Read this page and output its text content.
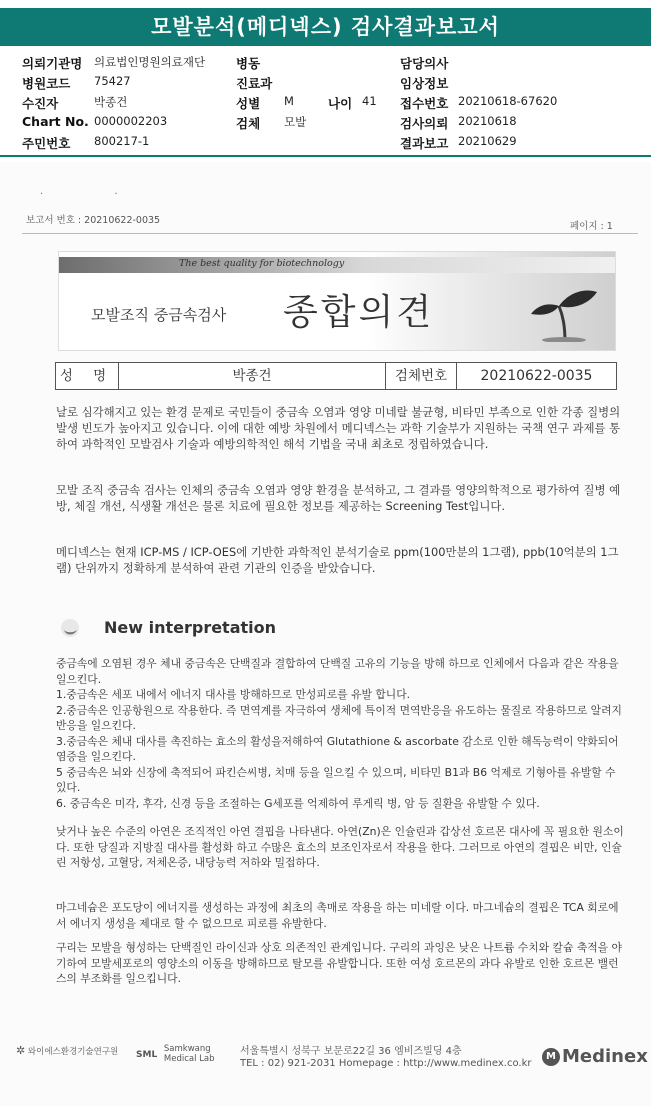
모발분석(메디넥스) 검사결과보고서
의뢰기관명 의료법인명원의료재단 병동	담당의사
병원코드 75427	진료과	임상정보
수진자	박종건	성별 M	나이 41 접수번호 20210618-67620
Chart No. 0000002203	검체 모발	검사의뢰 20210618
주민번호 800217-1	결과보고 20210629
. .
보고서 번호 : 20210622-0035
페이지 : 1
The best quality for biotechnology
모발조직 중금속검사 종합의견
성 명	박종건	검체번호	20210622-0035

날로 심각해지고 있는 환경 문제로 국민들이 중금속 오염과 영양 미네랄 불균형, 비타민 부족으로 인한 각종 질병의 발생 빈도가 높아지고 있습니다. 이에 대한 예방 차원에서 메디넥스는 과학 기술부가 지원하는 국책 연구 과제를 통하여 과학적인 모발검사 기술과 예방의학적인 해석 기법을 국내 최초로 정립하였습니다.

모발 조직 중금속 검사는 인체의 중금속 오염과 영양 환경을 분석하고, 그 결과를 영양의학적으로 평가하여 질병 예방, 체질 개선, 식생활 개선은 물론 치료에 필요한 정보를 제공하는 Screening Test입니다.

메디넥스는 현재 ICP-MS / ICP-OES에 기반한 과학적인 분석기술로 ppm(100만분의 1그램), ppb(10억분의 1그램) 단위까지 정확하게 분석하여 관련 기관의 인증을 받았습니다.

New interpretation

중금속에 오염된 경우 체내 중금속은 단백질과 결합하여 단백질 고유의 기능을 방해 하므로 인체에서 다음과 같은 작용을 일으킨다.

1.중금속은 세포 내에서 에너지 대사를 방해하므로 만성피로를 유발 합니다.

2.중금속은 인공항원으로 작용한다. 즉 면역계를 자극하여 생체에 특이적 면역반응을 유도하는 물질로 작용하므로 알려지 반응을 일으킨다.

3.중금속은 체내 대사를 촉진하는 효소의 활성을저해하여 Glutathione & ascorbate 감소로 인한 해독능력이 약화되어 염증을 일으킨다.

5 중금속은 뇌와 신장에 축적되어 파킨슨씨병, 치매 등을 일으킬 수 있으며, 비타민 B1과 B6 억제로 기형아를 유발할 수 있다.

6. 중금속은 미각, 후각, 신경 등을 조절하는 G세포를 억제하여 루게릭 병, 암 등 질환을 유발할 수 있다.

낮거나 높은 수준의 아연은 조직적인 아연 결핍을 나타낸다. 아연(Zn)은 인슐린과 갑상선 호르몬 대사에 꼭 필요한 원소이다. 또한 당질과 지방질 대사를 활성화 하고 수많은 효소의 보조인자로서 작용을 한다. 그러므로 아연의 결핍은 비만, 인슐린 저항성, 고혈당, 저체온증, 내당능력 저하와 밀접하다.

마그네슘은 포도당이 에너지를 생성하는 과정에 최초의 촉매로 작용을 하는 미네랄 이다. 마그네슘의 결핍은 TCA 회로에서 에너지 생성을 제대로 할 수 없으므로 피로를 유발한다.

구리는 모발을 형성하는 단백질인 라이신과 상호 의존적인 관계입니다. 구리의 과잉은 낮은 나트륨 수치와 칼슘 축적을 야기하여 모발세포로의 영양소의 이동을 방해하므로 탈모를 유발합니다. 또한 여성 호르몬의 과다 유발로 인한 호르몬 밸런스의 부조화를 일으킵니다.

✲ 와이에스환경기술연구원 SML
Samkwang
Medical Lab
서울특별시 성북구 보문로22길 36 엠비즈빌딩 4층
TEL : 02) 921-2031 Homepage : http://www.medinex.co.kr
M Medinex
